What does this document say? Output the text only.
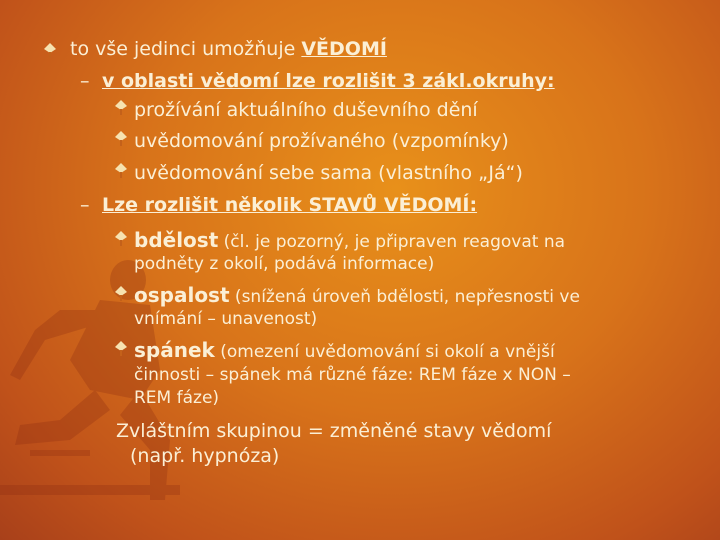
to vše jedinci umožňuje VĚDOMÍ
– v oblasti vědomí lze rozlišit 3 zákl.okruhy:
prožívání aktuálního duševního dění
uvědomování prožívaného (vzpomínky)
uvědomování sebe sama (vlastního „Já“)
– Lze rozlišit několik STAVŮ VĚDOMÍ:
bdělost (čl. je pozorný, je připraven reagovat na
podněty z okolí, podává informace)
ospalost (snížená úroveň bdělosti, nepřesnosti ve
vnímání – unavenost)
spánek (omezení uvědomování si okolí a vnější
činnosti – spánek má různé fáze: REM fáze x NON –
REM fáze)
Zvláštním skupinou = změněné stavy vědomí
(např. hypnóza)
